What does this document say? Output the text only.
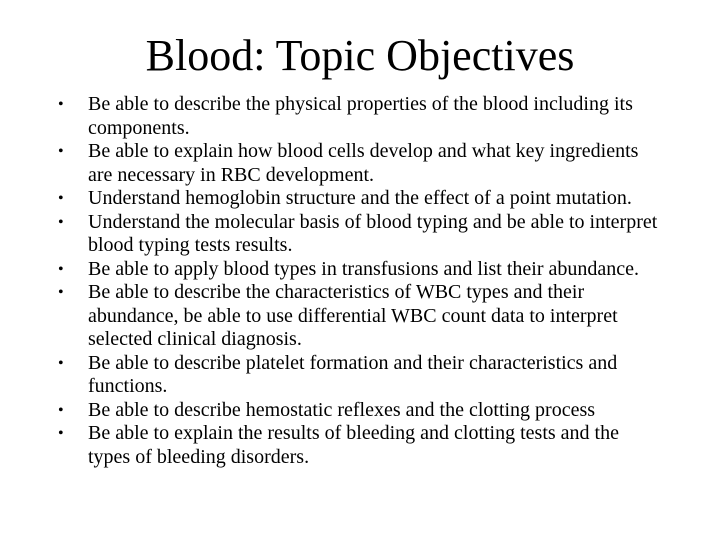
Blood: Topic Objectives
•	Be able to describe the physical properties of the blood including its components.
•	Be able to explain how blood cells develop and what key ingredients are necessary in RBC development.
•	Understand hemoglobin structure and the effect of a point mutation.
•	Understand the molecular basis of blood typing and be able to interpret blood typing tests results.
•	Be able to apply blood types in transfusions and list their abundance.
•	Be able to describe the characteristics of WBC types and their abundance, be able to use differential WBC count data to interpret selected clinical diagnosis.
•	Be able to describe platelet formation and their characteristics and functions.
•	Be able to describe hemostatic reflexes and the clotting process
•	Be able to explain the results of bleeding and clotting tests and the types of bleeding disorders.
